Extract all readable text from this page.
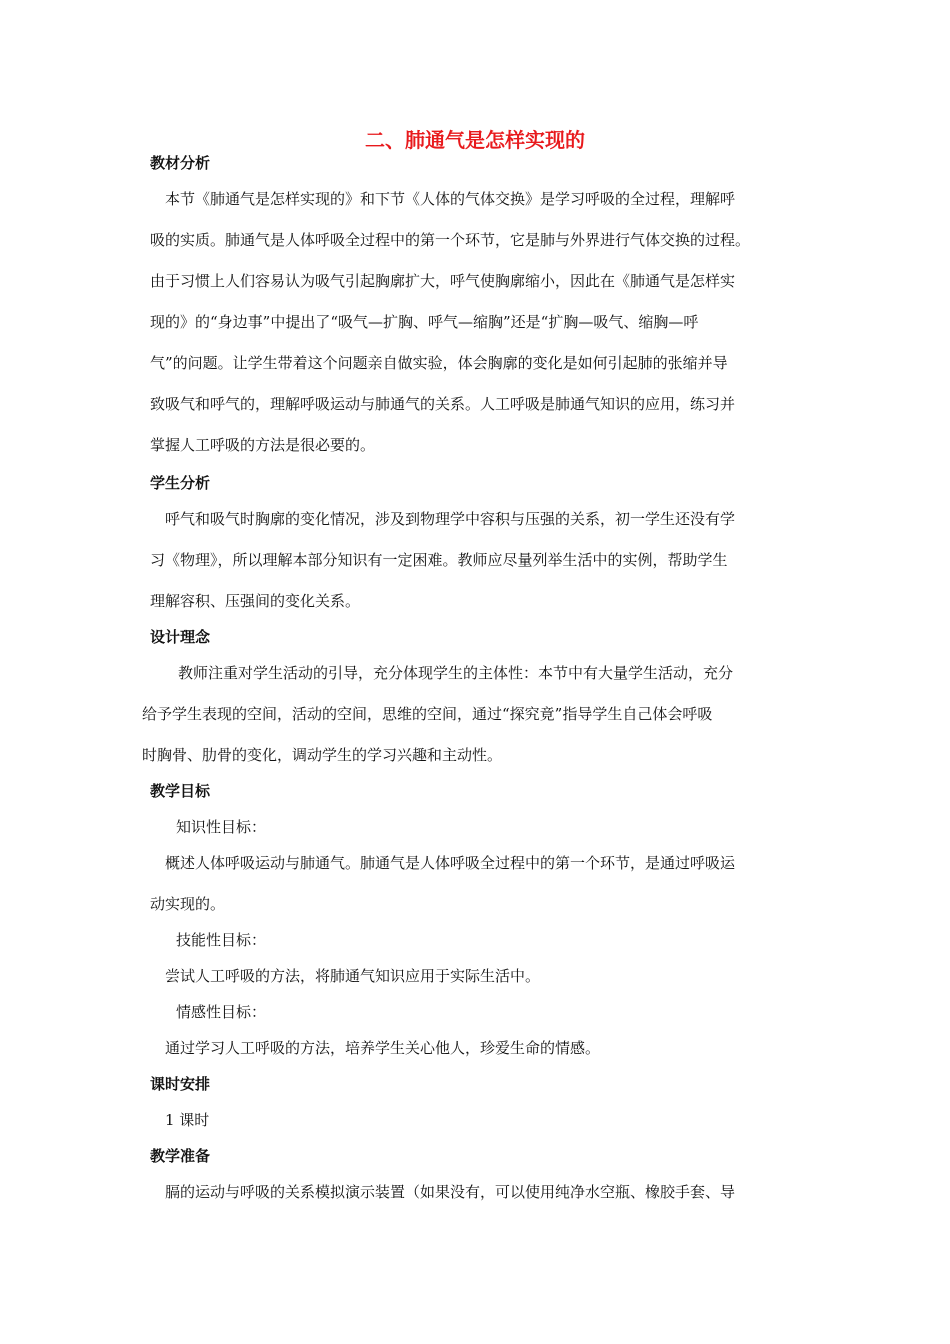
二、肺通气是怎样实现的
教材分析
本节《肺通气是怎样实现的》和下节《人体的气体交换》是学习呼吸的全过程，理解呼
吸的实质。肺通气是人体呼吸全过程中的第一个环节，它是肺与外界进行气体交换的过程。
由于习惯上人们容易认为吸气引起胸廓扩大，呼气使胸廓缩小，因此在《肺通气是怎样实
现的》的“身边事”中提出了“吸气—扩胸、呼气—缩胸”还是“扩胸—吸气、缩胸—呼
气”的问题。让学生带着这个问题亲自做实验，体会胸廓的变化是如何引起肺的张缩并导
致吸气和呼气的，理解呼吸运动与肺通气的关系。人工呼吸是肺通气知识的应用，练习并
掌握人工呼吸的方法是很必要的。
学生分析
呼气和吸气时胸廓的变化情况，涉及到物理学中容积与压强的关系，初一学生还没有学
习《物理》，所以理解本部分知识有一定困难。教师应尽量列举生活中的实例，帮助学生
理解容积、压强间的变化关系。
设计理念
教师注重对学生活动的引导，充分体现学生的主体性：本节中有大量学生活动，充分
给予学生表现的空间，活动的空间，思维的空间，通过“探究竟”指导学生自己体会呼吸
时胸骨、肋骨的变化，调动学生的学习兴趣和主动性。
教学目标
知识性目标：
概述人体呼吸运动与肺通气。肺通气是人体呼吸全过程中的第一个环节，是通过呼吸运
动实现的。
技能性目标：
尝试人工呼吸的方法，将肺通气知识应用于实际生活中。
情感性目标：
通过学习人工呼吸的方法，培养学生关心他人，珍爱生命的情感。
课时安排
1 课时
教学准备
膈的运动与呼吸的关系模拟演示装置（如果没有，可以使用纯净水空瓶、橡胶手套、导
